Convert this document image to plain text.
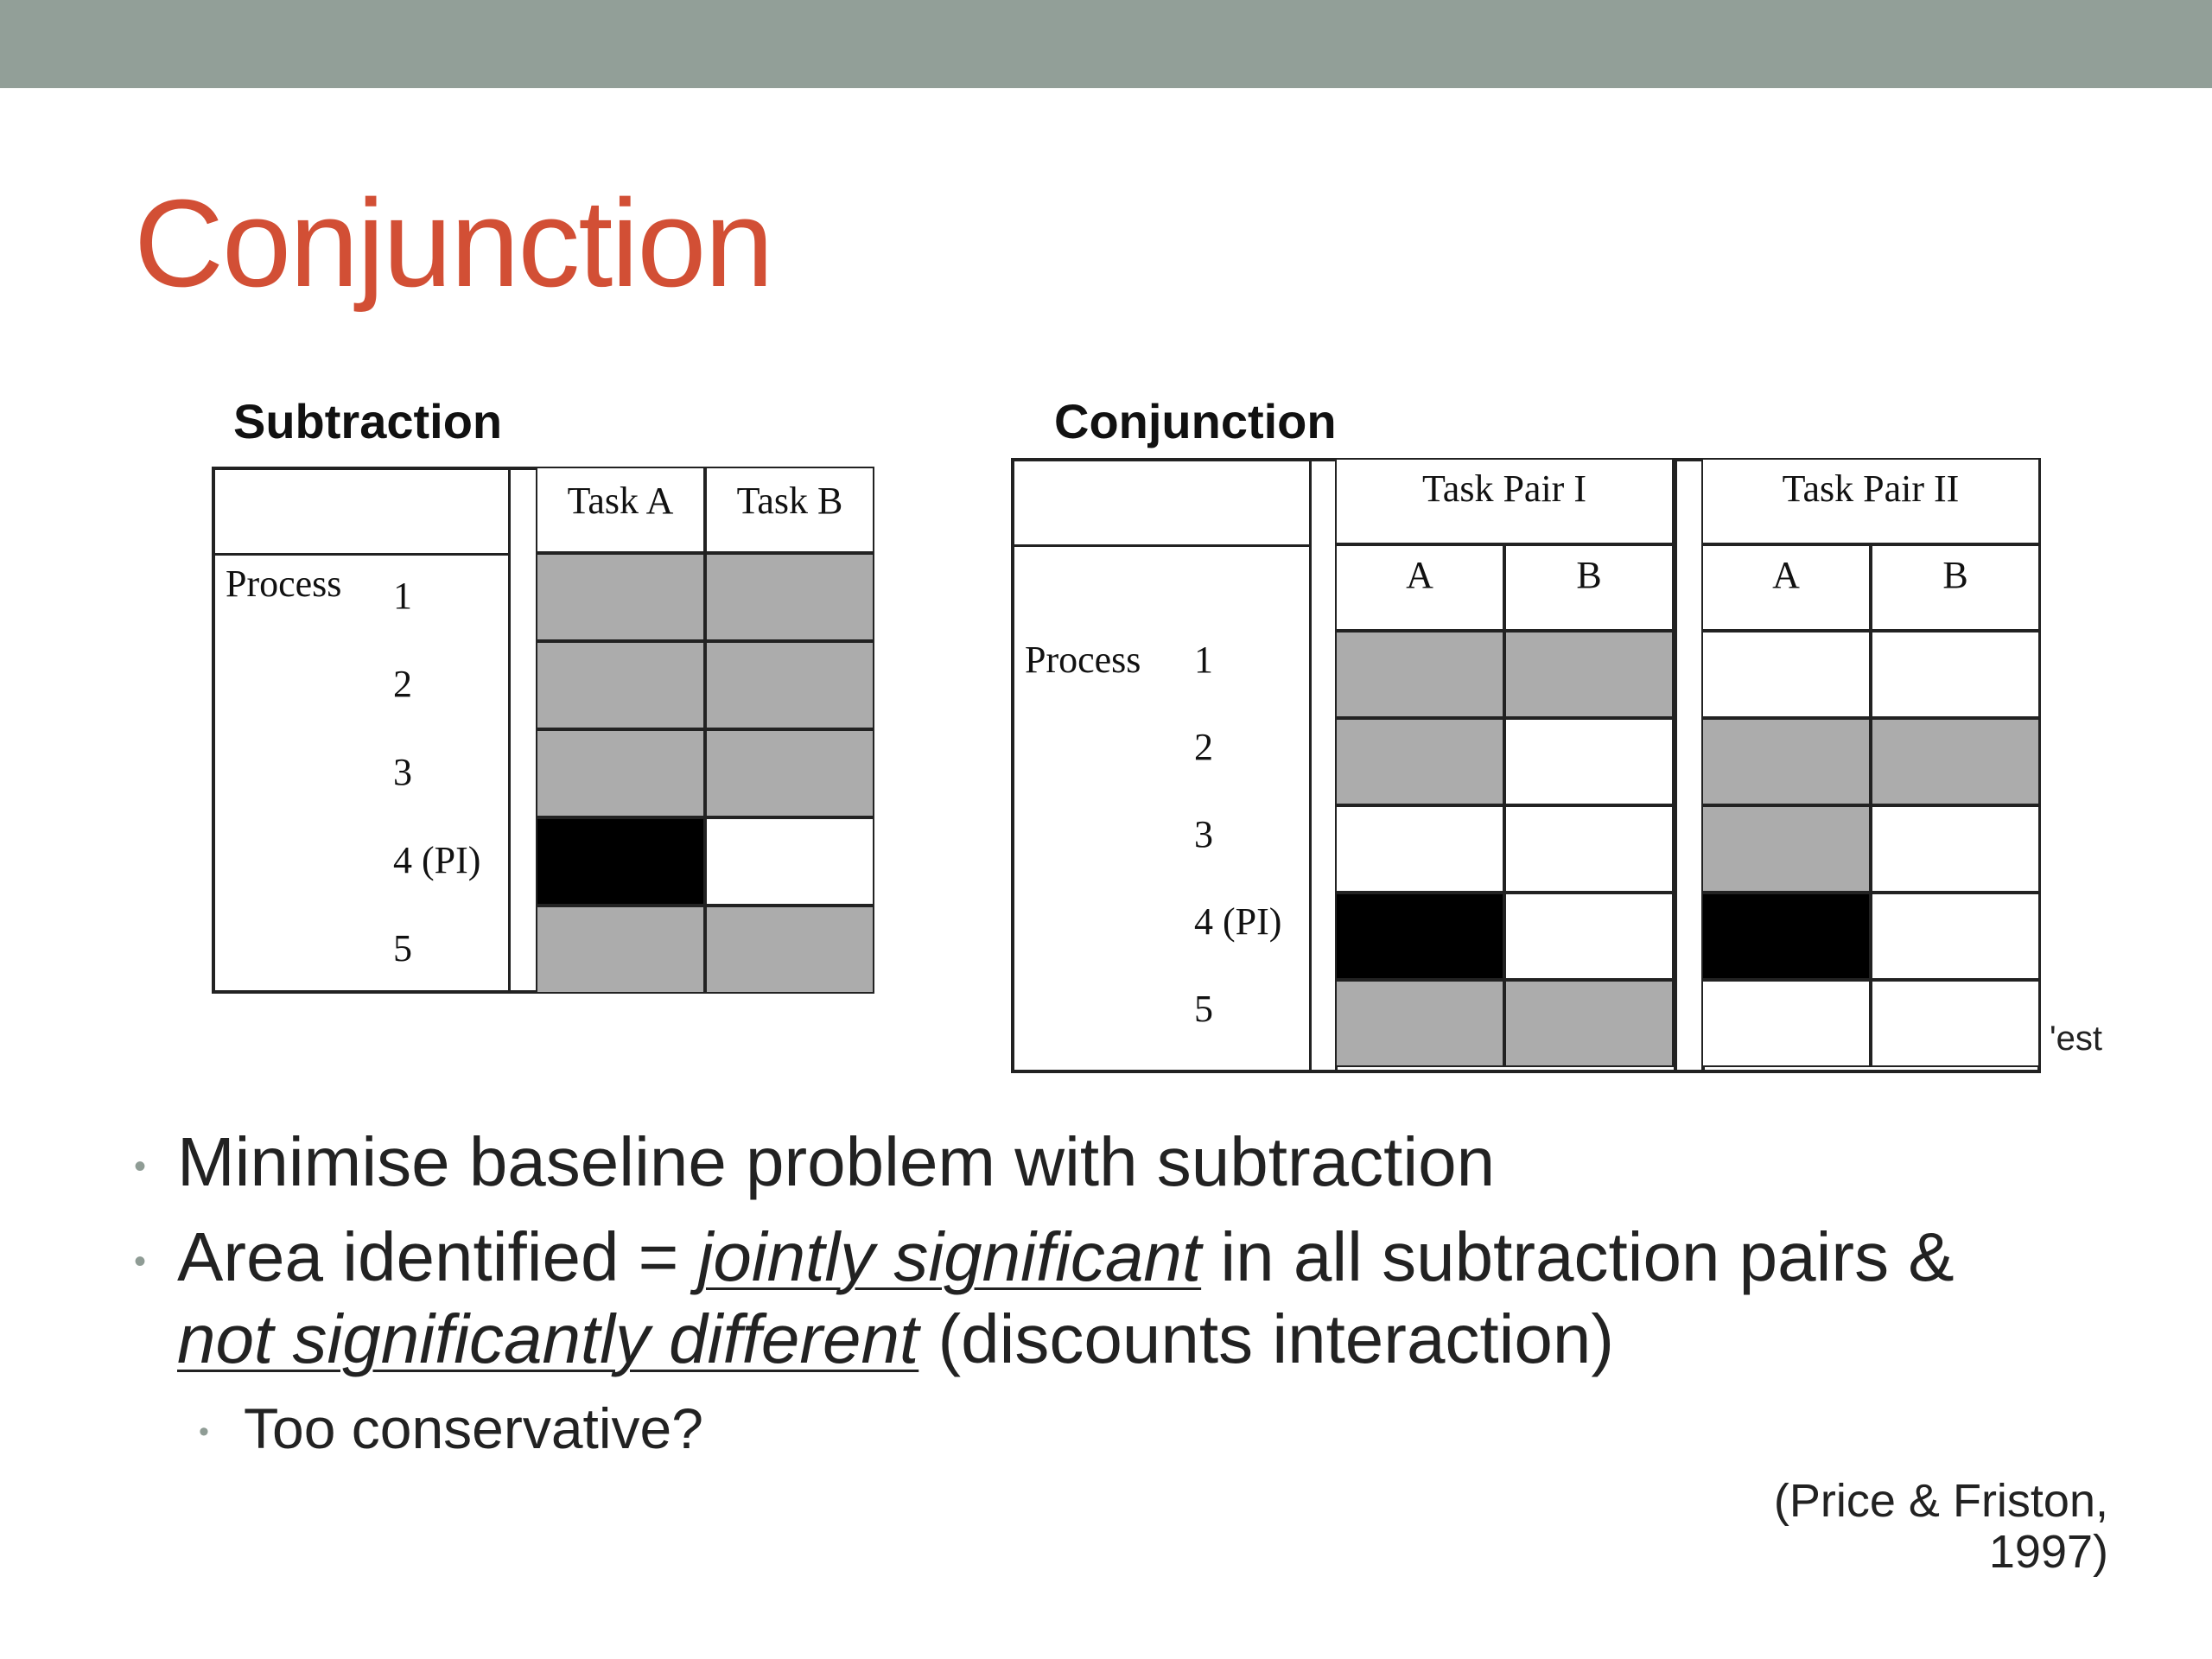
Conjunction
Subtraction
Task A	Task B
Process 1
2
3
4 (PI)
5
Conjunction
Task Pair I	Task Pair II
A	B	A	B
Process 1
2
3
4 (PI)
5
'est
• Minimise baseline problem with subtraction
• Area identified = jointly significant in all subtraction pairs &
not significantly different (discounts interaction)
• Too conservative?
(Price & Friston,
1997)
